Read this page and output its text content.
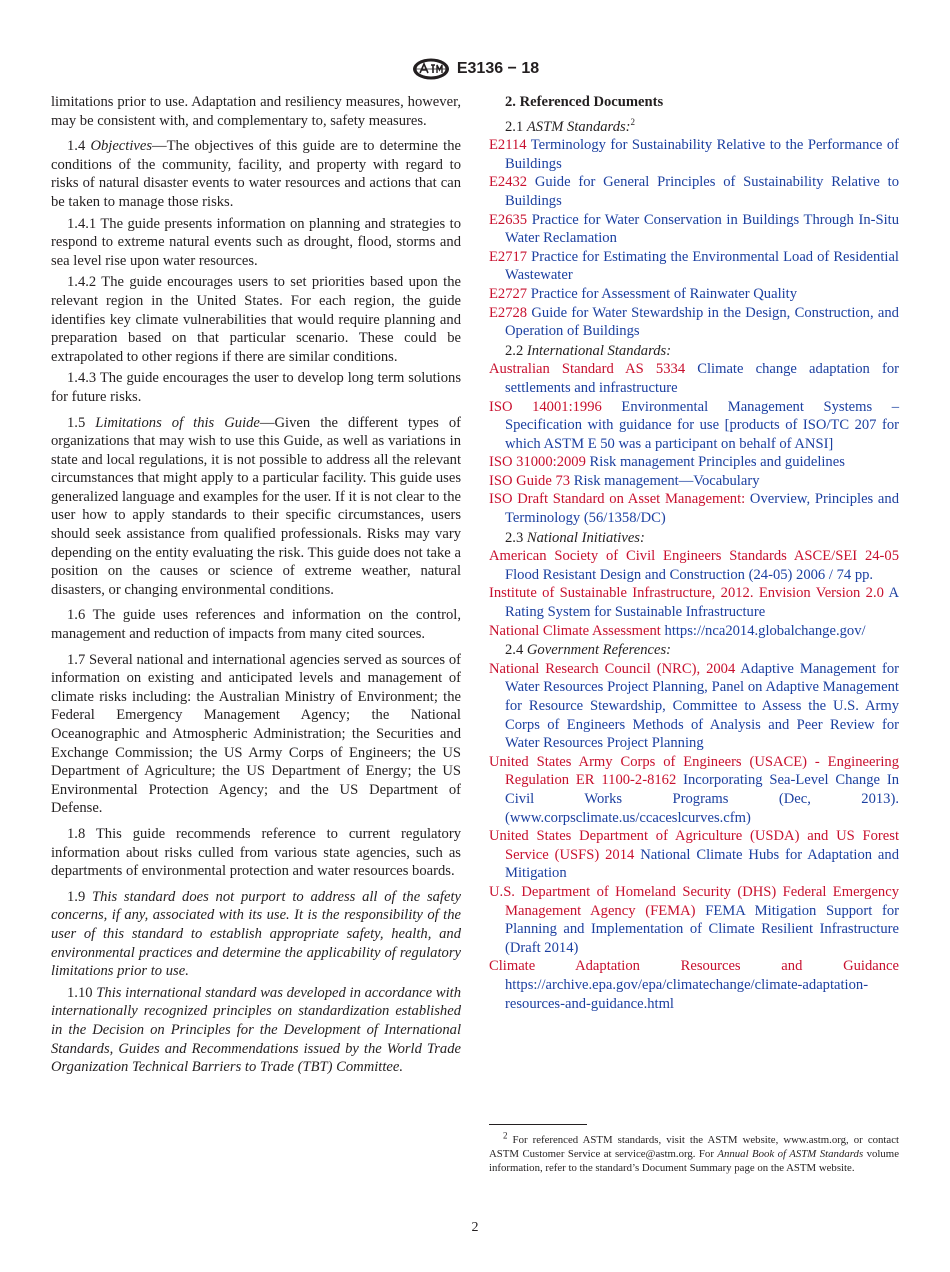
E3136 − 18

limitations prior to use. Adaptation and resiliency measures, however, may be consistent with, and complementary to, safety measures.

1.4 Objectives—The objectives of this guide are to determine the conditions of the community, facility, and property with regard to risks of natural disaster events to water resources and actions that can be taken to manage those risks.

1.4.1 The guide presents information on planning and strategies to respond to extreme natural events such as drought, flood, storms and sea level rise upon water resources.

1.4.2 The guide encourages users to set priorities based upon the relevant region in the United States. For each region, the guide identifies key climate vulnerabilities that would require planning and preparation based on that particular scenario. These could be extrapolated to other regions if there are similar conditions.

1.4.3 The guide encourages the user to develop long term solutions for future risks.

1.5 Limitations of this Guide—Given the different types of organizations that may wish to use this Guide, as well as variations in state and local regulations, it is not possible to address all the relevant circumstances that might apply to a particular facility. This guide uses generalized language and examples for the user. If it is not clear to the user how to apply standards to their specific circumstances, users should seek assistance from qualified professionals. Risks may vary depending on the entity evaluating the risk. This guide does not take a position on the causes or science of extreme weather, natural disasters, or changing environmental conditions.

1.6 The guide uses references and information on the control, management and reduction of impacts from many cited sources.

1.7 Several national and international agencies served as sources of information on existing and anticipated levels and management of climate risks including: the Australian Ministry of Environment; the Federal Emergency Management Agency; the National Oceanographic and Atmospheric Administration; the Securities and Exchange Commission; the US Army Corps of Engineers; the US Department of Agriculture; the US Department of Energy; the US Environmental Protection Agency; and the US Department of Defense.

1.8 This guide recommends reference to current regulatory information about risks culled from various state agencies, such as departments of environmental protection and water resources boards.

1.9 This standard does not purport to address all of the safety concerns, if any, associated with its use. It is the responsibility of the user of this standard to establish appropriate safety, health, and environmental practices and determine the applicability of regulatory limitations prior to use.

1.10 This international standard was developed in accordance with internationally recognized principles on standardization established in the Decision on Principles for the Development of International Standards, Guides and Recommendations issued by the World Trade Organization Technical Barriers to Trade (TBT) Committee.

2. Referenced Documents

2.1 ASTM Standards:$^2$

E2114 Terminology for Sustainability Relative to the Performance of Buildings

E2432 Guide for General Principles of Sustainability Relative to Buildings

E2635 Practice for Water Conservation in Buildings Through In-Situ Water Reclamation

E2717 Practice for Estimating the Environmental Load of Residential Wastewater

E2727 Practice for Assessment of Rainwater Quality

E2728 Guide for Water Stewardship in the Design, Construction, and Operation of Buildings

2.2 International Standards:

Australian Standard AS 5334 Climate change adaptation for settlements and infrastructure

ISO 14001:1996 Environmental Management Systems – Specification with guidance for use [products of ISO/TC 207 for which ASTM E 50 was a participant on behalf of ANSI]

ISO 31000:2009 Risk management Principles and guidelines

ISO Guide 73 Risk management—Vocabulary

ISO Draft Standard on Asset Management: Overview, Principles and Terminology (56/1358/DC)

2.3 National Initiatives:

American Society of Civil Engineers Standards ASCE/SEI 24-05 Flood Resistant Design and Construction (24-05) 2006 / 74 pp.

Institute of Sustainable Infrastructure, 2012. Envision Version 2.0 A Rating System for Sustainable Infrastructure

National Climate Assessment https://nca2014.globalchange.gov/

2.4 Government References:

National Research Council (NRC), 2004 Adaptive Management for Water Resources Project Planning, Panel on Adaptive Management for Resource Stewardship, Committee to Assess the U.S. Army Corps of Engineers Methods of Analysis and Peer Review for Water Resources Project Planning

United States Army Corps of Engineers (USACE) - Engineering Regulation ER 1100-2-8162 Incorporating Sea-Level Change In Civil Works Programs (Dec, 2013). (www.corpsclimate.us/ccaceslcurves.cfm)

United States Department of Agriculture (USDA) and US Forest Service (USFS) 2014 National Climate Hubs for Adaptation and Mitigation

U.S. Department of Homeland Security (DHS) Federal Emergency Management Agency (FEMA) FEMA Mitigation Support for Planning and Implementation of Climate Resilient Infrastructure (Draft 2014)

Climate Adaptation Resources and Guidance https://archive.epa.gov/epa/climatechange/climate-adaptation-resources-and-guidance.html

$^2$ For referenced ASTM standards, visit the ASTM website, www.astm.org, or contact ASTM Customer Service at service@astm.org. For Annual Book of ASTM Standards volume information, refer to the standard’s Document Summary page on the ASTM website.

2
